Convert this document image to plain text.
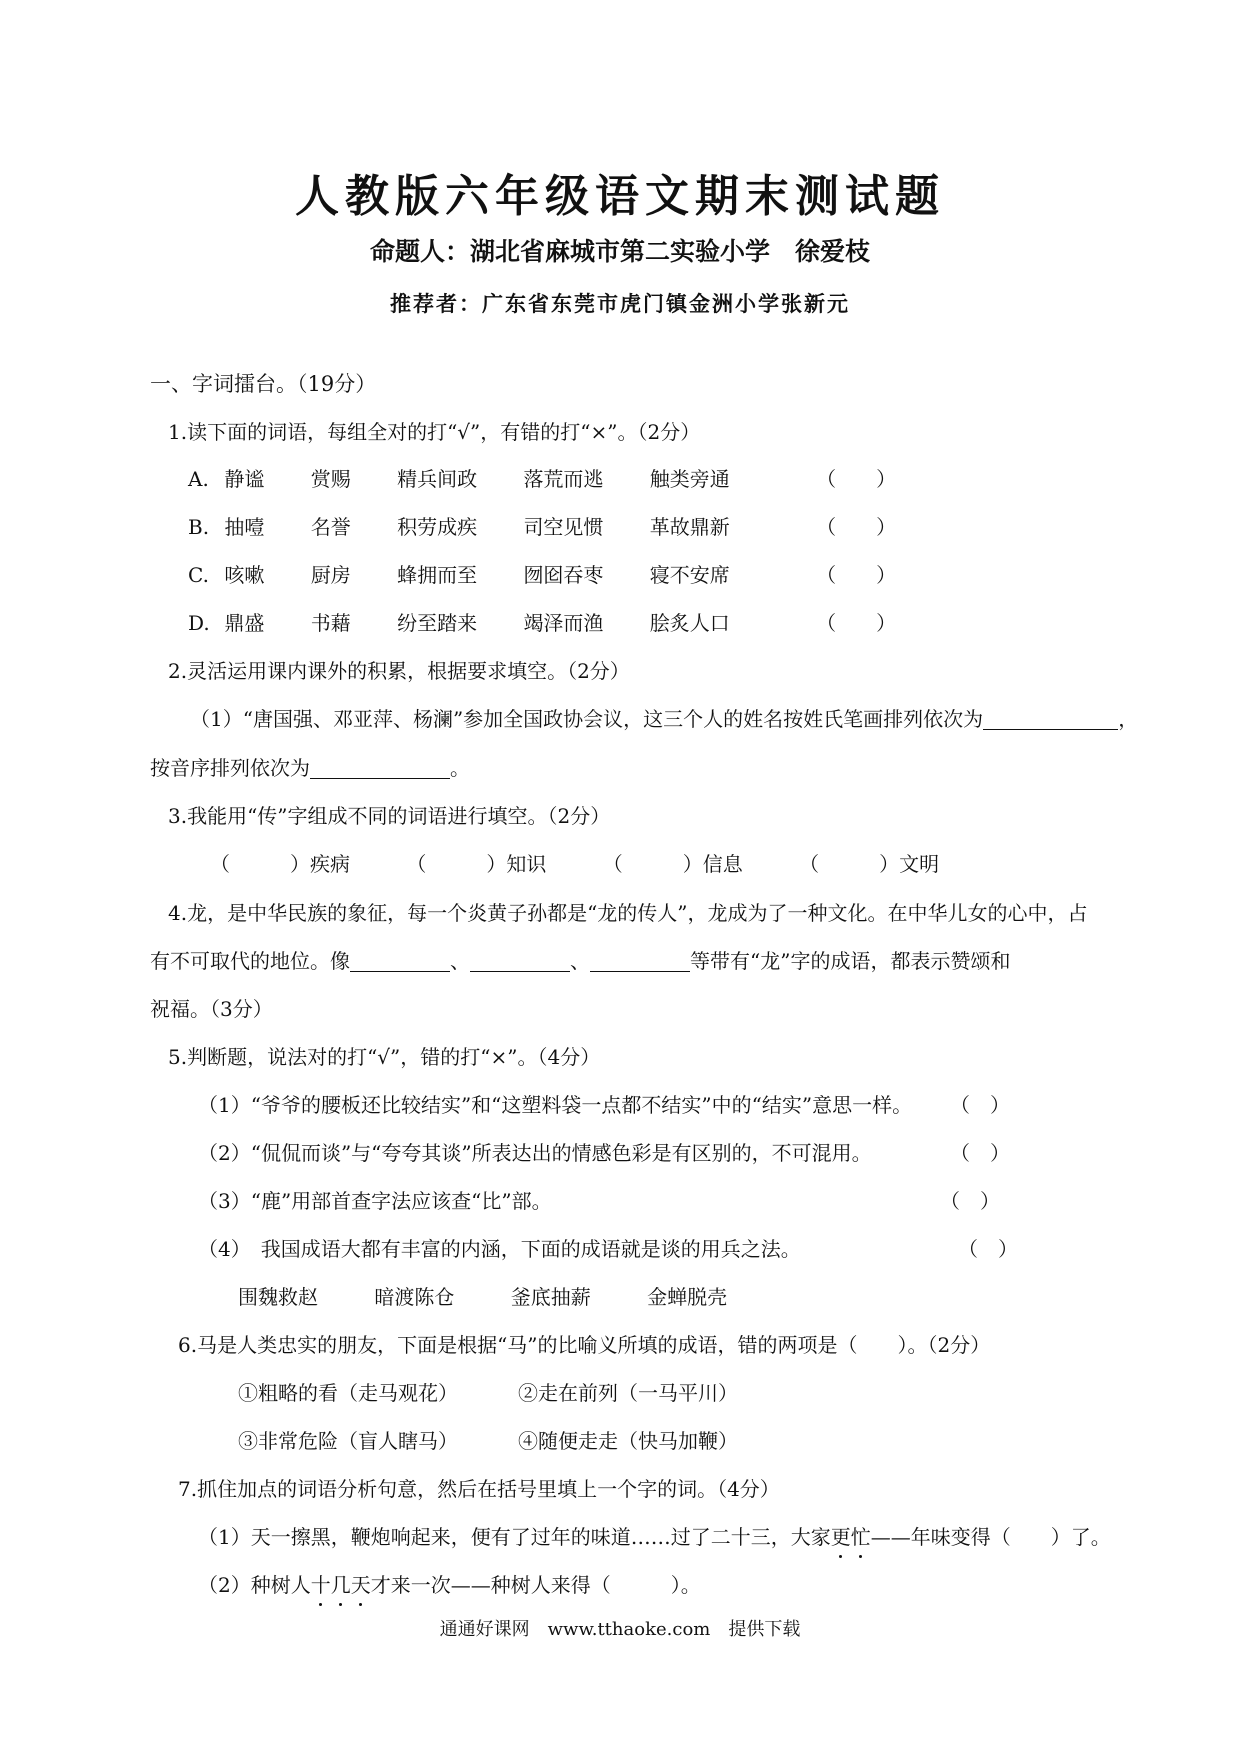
人教版六年级语文期末测试题
命题人：湖北省麻城市第二实验小学　徐爱枝
推荐者：广东省东莞市虎门镇金洲小学张新元
一、字词擂台。（19分）
1.读下面的词语，每组全对的打“√”，有错的打“×”。（2分）
A. 静谧 赏赐 精兵间政 落荒而逃 触类旁通	（　　）
B. 抽噎 名誉 积劳成疾 司空见惯 革故鼎新	（　　）
C. 咳嗽 厨房 蜂拥而至 囫囵吞枣 寝不安席	（　　）
D. 鼎盛 书藉 纷至踏来 竭泽而渔 脍炙人口	（　　）
2.灵活运用课内课外的积累，根据要求填空。（2分）
（1）“唐国强、邓亚萍、杨澜”参加全国政协会议，这三个人的姓名按姓氏笔画排列依次为	，
按音序排列依次为	。
3.我能用“传”字组成不同的词语进行填空。（2分）
（　　　）疾病	（　　　）知识	（　　　）信息	（　　　）文明
4.龙，是中华民族的象征，每一个炎黄子孙都是“龙的传人”，龙成为了一种文化。在中华儿女的心中，占
有不可取代的地位。像	、	、	等带有“龙”字的成语，都表示赞颂和
祝福。（3分）
5.判断题，说法对的打“√”，错的打“×”。（4分）
（1）“爷爷的腰板还比较结实”和“这塑料袋一点都不结实”中的“结实”意思一样。 （　）
（2）“侃侃而谈”与“夸夸其谈”所表达出的情感色彩是有区别的，不可混用。	（　）
（3）“鹿”用部首查字法应该查“比”部。	（　）
（4）　我国成语大都有丰富的内涵，下面的成语就是谈的用兵之法。	（　）
围魏救赵	暗渡陈仓	釜底抽薪	金蝉脱壳
6.马是人类忠实的朋友，下面是根据“马”的比喻义所填的成语，错的两项是（　　）。（2分）
①粗略的看（走马观花）	②走在前列（一马平川）
③非常危险（盲人瞎马）	④随便走走（快马加鞭）
7.抓住加点的词语分析句意，然后在括号里填上一个字的词。（4分）
（1）天一擦黑，鞭炮响起来，便有了过年的味道……过了二十三，大家更忙——年味变得（　　）了。
（2）种树人十几天才来一次——种树人来得（　　　）。
通通好课网　www.tthaoke.com　提供下载
